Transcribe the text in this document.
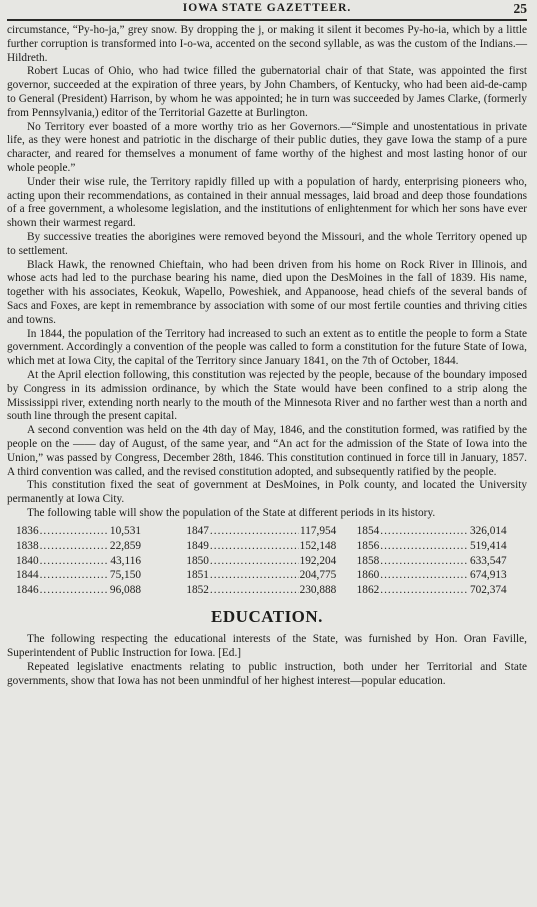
IOWA STATE GAZETTEER.	25

circumstance, “Py-ho-ja,” grey snow. By dropping the j, or making it silent it becomes Py-ho-ia, which by a little further corruption is transformed into I-o-wa, accented on the second syllable, as was the custom of the Indians.—Hildreth.

Robert Lucas of Ohio, who had twice filled the gubernatorial chair of that State, was appointed the first governor, succeeded at the expiration of three years, by John Chambers, of Kentucky, who had been aid-de-camp to General (President) Harrison, by whom he was appointed; he in turn was succeeded by James Clarke, (formerly from Pennsylvania,) editor of the Territorial Gazette at Burlington.

No Territory ever boasted of a more worthy trio as her Governors.—“Simple and unostentatious in private life, as they were honest and patriotic in the discharge of their public duties, they gave Iowa the stamp of a pure character, and reared for themselves a monument of fame worthy of the highest and most lasting honor of our whole people.”

Under their wise rule, the Territory rapidly filled up with a population of hardy, enterprising pioneers who, acting upon their recommendations, as contained in their annual messages, laid broad and deep those foundations of a free government, a wholesome legislation, and the institutions of enlightenment for which her sons have ever shown their warmest regard.

By successive treaties the aborigines were removed beyond the Missouri, and the whole Territory opened up to settlement.

Black Hawk, the renowned Chieftain, who had been driven from his home on Rock River in Illinois, and whose acts had led to the purchase bearing his name, died upon the DesMoines in the fall of 1839. His name, together with his associates, Keokuk, Wapello, Poweshiek, and Appanoose, head chiefs of the several bands of Sacs and Foxes, are kept in remembrance by association with some of our most fertile counties and thriving cities and towns.

In 1844, the population of the Territory had increased to such an extent as to entitle the people to form a State government. Accordingly a convention of the people was called to form a constitution for the future State of Iowa, which met at Iowa City, the capital of the Territory since January 1841, on the 7th of October, 1844.

At the April election following, this constitution was rejected by the people, because of the boundary imposed by Congress in its admission ordinance, by which the State would have been confined to a strip along the Mississippi river, extending north nearly to the mouth of the Minnesota River and no farther west than a north and south line through the present capital.

A second convention was held on the 4th day of May, 1846, and the constitution formed, was ratified by the people on the —— day of August, of the same year, and “An act for the admission of the State of Iowa into the Union,” was passed by Congress, December 28th, 1846. This constitution continued in force till in January, 1857. A third convention was called, and the revised constitution adopted, and subsequently ratified by the people.

This constitution fixed the seat of government at DesMoines, in Polk county, and located the University permanently at Iowa City.

The following table will show the population of the State at different periods in its history.

1836 .....	10,531
1838 .....	22,859
1840 .....	43,116
1844 .....	75,150
1846 .....	96,088
1847 .....	117,954
1849 .....	152,148
1850 .....	192,204
1851 .....	204,775
1852 .....	230,888
1854 .....	326,014
1856 .....	519,414
1858 .....	633,547
1860 .....	674,913
1862 .....	702,374
EDUCATION.

The following respecting the educational interests of the State, was furnished by Hon. Oran Faville, Superintendent of Public Instruction for Iowa. [Ed.]

Repeated legislative enactments relating to public instruction, both under her Territorial and State governments, show that Iowa has not been unmindful of her highest interest—popular education.
